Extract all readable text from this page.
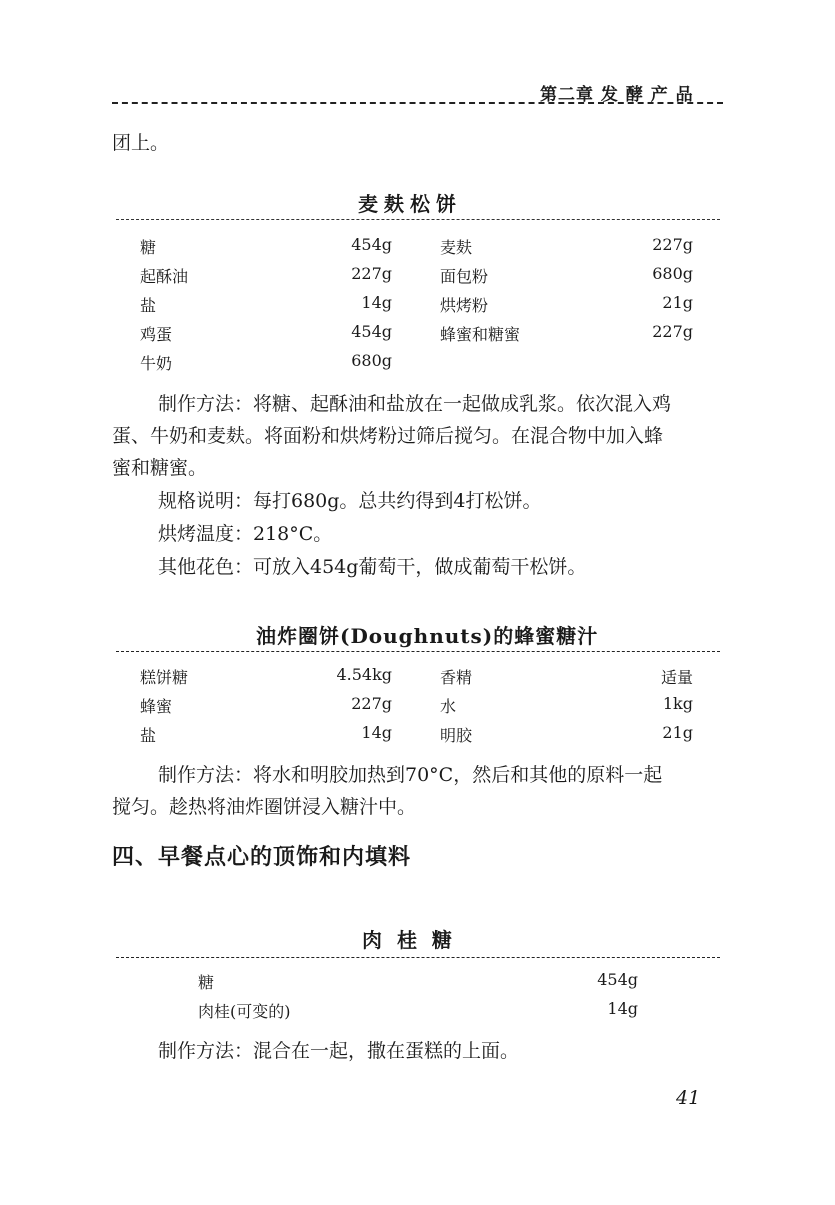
第二章 发 酵 产 品
团上。
麦麸松饼
糖	454g	麦麸	227g
起酥油	227g	面包粉	680g
盐	14g	烘烤粉	21g
鸡蛋	454g	蜂蜜和糖蜜	227g
牛奶	680g
制作方法：将糖、起酥油和盐放在一起做成乳浆。依次混入鸡
蛋、牛奶和麦麸。将面粉和烘烤粉过筛后搅匀。在混合物中加入蜂
蜜和糖蜜。
规格说明：每打680g。总共约得到4打松饼。
烘烤温度：218°C。
其他花色：可放入454g葡萄干，做成葡萄干松饼。
油炸圈饼(Doughnuts)的蜂蜜糖汁
糕饼糖	4.54kg	香精	适量
蜂蜜	227g	水	1kg
盐	14g	明胶	21g
制作方法：将水和明胶加热到70°C，然后和其他的原料一起
搅匀。趁热将油炸圈饼浸入糖汁中。
四、早餐点心的顶饰和内填料
肉 桂 糖
糖	454g
肉桂(可变的)	14g
制作方法：混合在一起，撒在蛋糕的上面。
41
